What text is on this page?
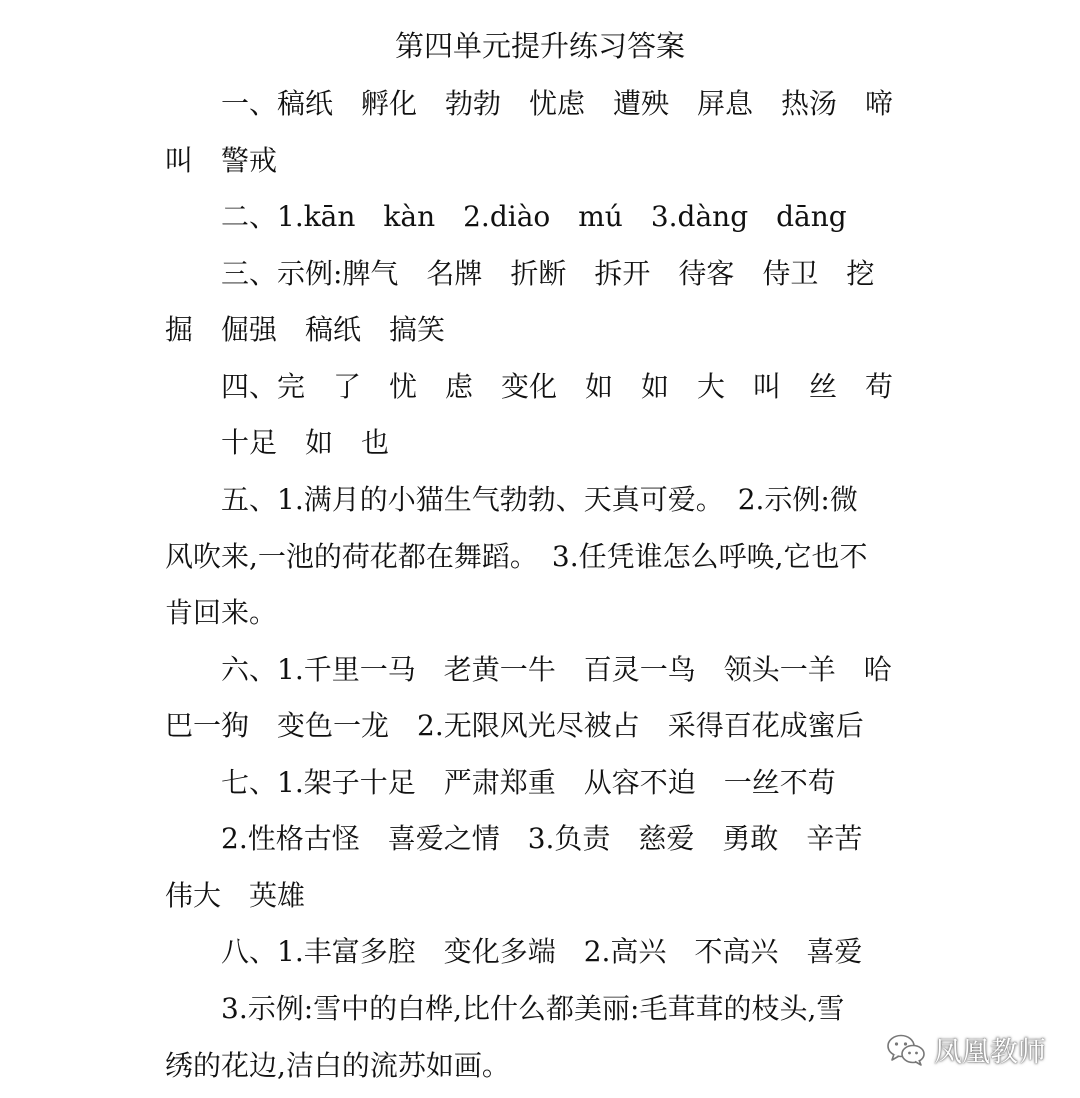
第四单元提升练习答案

一、稿纸　孵化　勃勃　忧虑　遭殃　屏息　热汤　啼

叫　警戒

二、1.kān　kàn　2.diào　mú　3.dàng　dāng

三、示例:脾气　名牌　折断　拆开　待客　侍卫　挖

掘　倔强　稿纸　搞笑

四、完　了　忧　虑　变化　如　如　大　叫　丝　苟

十足　如　也

五、1.满月的小猫生气勃勃、天真可爱。　2.示例:微

风吹来,一池的荷花都在舞蹈。　3.任凭谁怎么呼唤,它也不

肯回来。

六、1.千里一马　老黄一牛　百灵一鸟　领头一羊　哈

巴一狗　变色一龙　2.无限风光尽被占　采得百花成蜜后

七、1.架子十足　严肃郑重　从容不迫　一丝不苟

2.性格古怪　喜爱之情　3.负责　慈爱　勇敢　辛苦

伟大　英雄

八、1.丰富多腔　变化多端　2.高兴　不高兴　喜爱

3.示例:雪中的白桦,比什么都美丽:毛茸茸的枝头,雪

绣的花边,洁白的流苏如画。	凤凰教师
